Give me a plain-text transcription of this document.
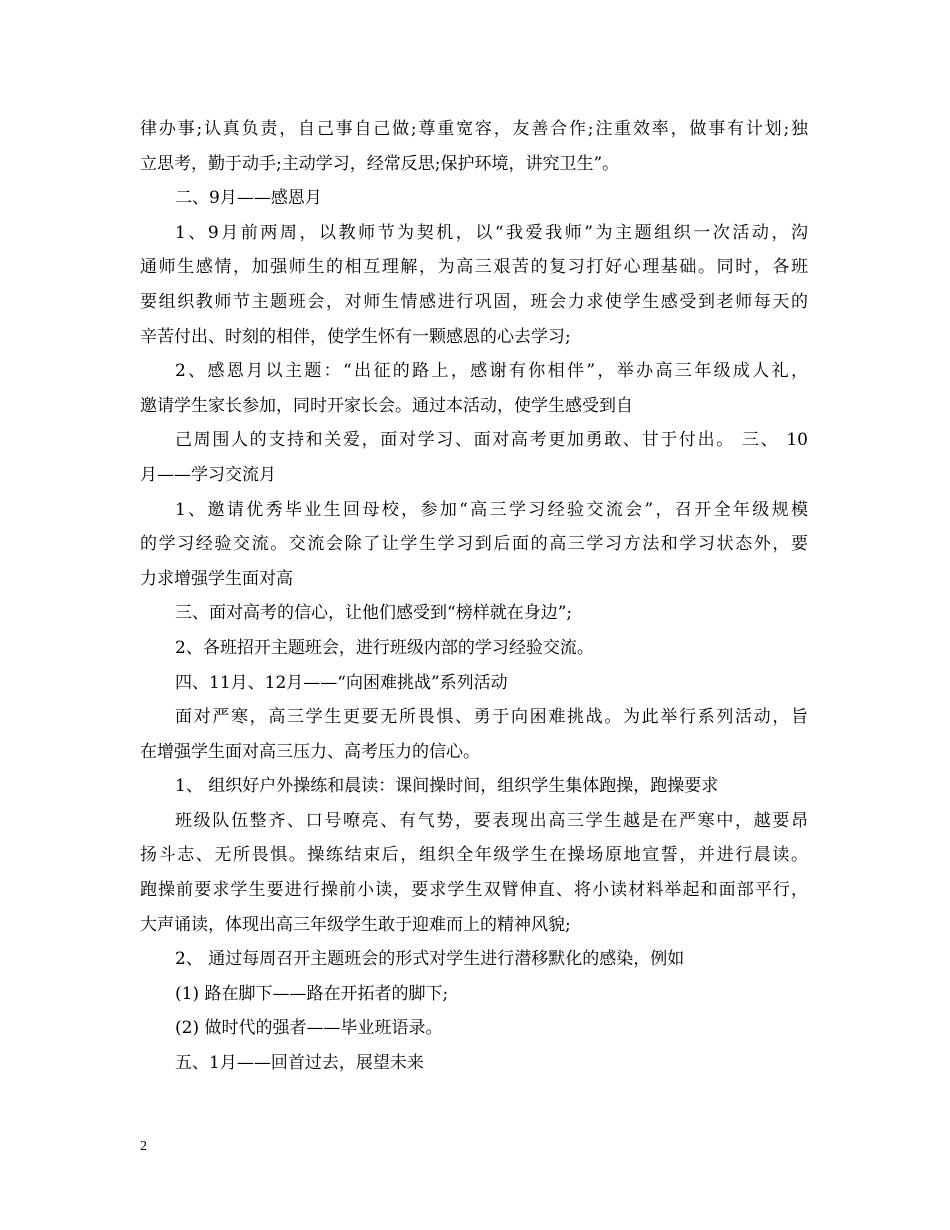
律办事;认真负责，自己事自己做;尊重宽容，友善合作;注重效率，做事有计划;独
立思考，勤于动手;主动学习，经常反思;保护环境，讲究卫生”。
二、9月——感恩月
1、9月前两周，以教师节为契机，以“我爱我师”为主题组织一次活动，沟
通师生感情，加强师生的相互理解，为高三艰苦的复习打好心理基础。同时，各班
要组织教师节主题班会，对师生情感进行巩固，班会力求使学生感受到老师每天的
辛苦付出、时刻的相伴，使学生怀有一颗感恩的心去学习;
2、感恩月以主题：“出征的路上，感谢有你相伴”，举办高三年级成人礼，
邀请学生家长参加，同时开家长会。通过本活动，使学生感受到自
己周围人的支持和关爱，面对学习、面对高考更加勇敢、甘于付出。 三、 10
月——学习交流月
1、邀请优秀毕业生回母校，参加“高三学习经验交流会”，召开全年级规模
的学习经验交流。交流会除了让学生学习到后面的高三学习方法和学习状态外，要
力求增强学生面对高
三、面对高考的信心，让他们感受到“榜样就在身边”;
2、各班招开主题班会，进行班级内部的学习经验交流。
四、11月、12月——“向困难挑战”系列活动
面对严寒，高三学生更要无所畏惧、勇于向困难挑战。为此举行系列活动，旨
在增强学生面对高三压力、高考压力的信心。
1、 组织好户外操练和晨读：课间操时间，组织学生集体跑操，跑操要求
班级队伍整齐、口号嘹亮、有气势，要表现出高三学生越是在严寒中，越要昂
扬斗志、无所畏惧。操练结束后，组织全年级学生在操场原地宣誓，并进行晨读。
跑操前要求学生要进行操前小读，要求学生双臂伸直、将小读材料举起和面部平行，
大声诵读，体现出高三年级学生敢于迎难而上的精神风貌;
2、 通过每周召开主题班会的形式对学生进行潜移默化的感染，例如
(1) 路在脚下——路在开拓者的脚下;
(2) 做时代的强者——毕业班语录。
五、1月——回首过去，展望未来
2
